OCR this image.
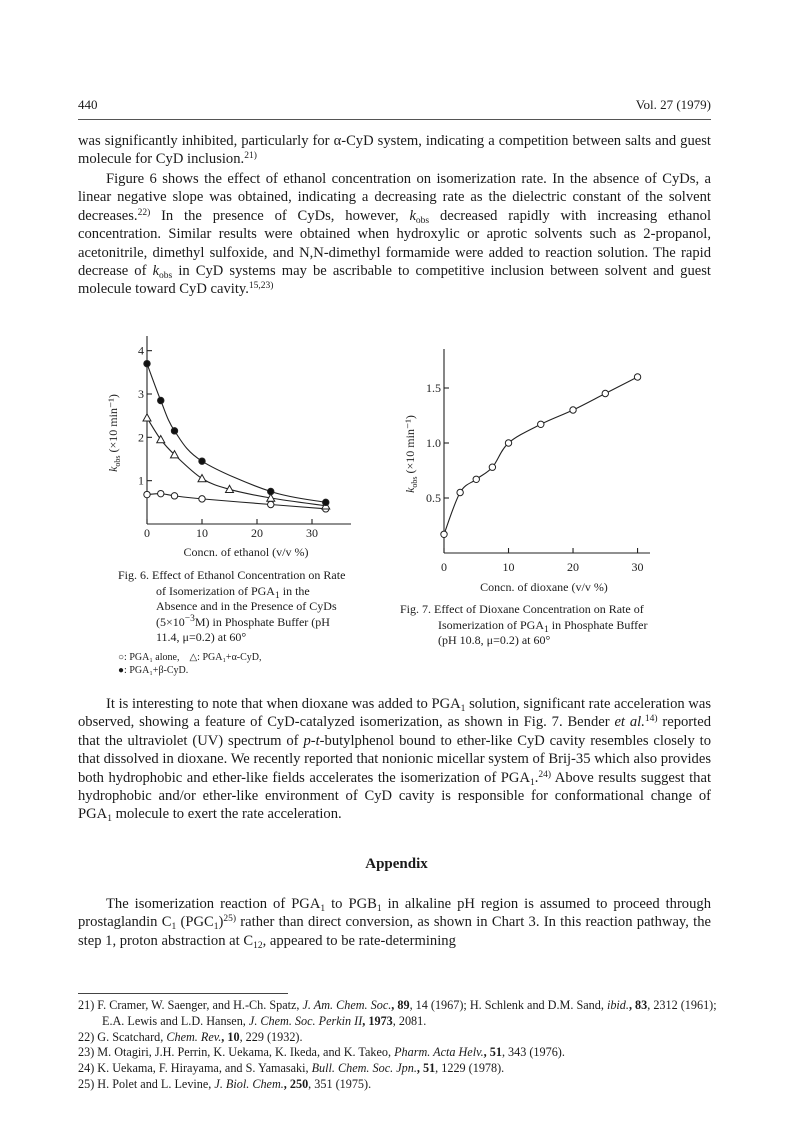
440	Vol. 27 (1979)

was significantly inhibited, particularly for α-CyD system, indicating a competition between salts and guest molecule for CyD inclusion.$^{21)}$

Figure 6 shows the effect of ethanol concentration on isomerization rate. In the absence of CyDs, a linear negative slope was obtained, indicating a decreasing rate as the dielectric constant of the solvent decreases.$^{22)}$ In the presence of CyDs, however, $k_{obs}$ decreased rapidly with increasing ethanol concentration. Similar results were obtained when hydroxylic or aprotic solvents such as 2-propanol, acetonitrile, dimethyl sulfoxide, and N,N-dimethyl formamide were added to reaction solution. The rapid decrease of $k_{obs}$ in CyD systems may be ascribable to competitive inclusion between solvent and guest molecule toward CyD cavity.$^{15,23)}$

0	10	20	30
1
2
3
4
Concn. of ethanol (v/v %)
$k_{obs}$ (×10 min⁻¹)
Fig. 6. Effect of Ethanol Concentration on Rate of Isomerization of $PGA_1$ in the Absence and in the Presence of CyDs $(5\times 10^{-3}M)$ in Phosphate Buffer (pH 11.4, μ=0.2) at 60°
○: PGA₁ alone, △: PGA₁+α-CyD,
●: PGA₁+β-CyD.
0	10	20	30
0.5
1.0
1.5
Concn. of dioxane (v/v %)
$k_{obs}$ (×10 min⁻¹)
Fig. 7. Effect of Dioxane Concentration on Rate of Isomerization of $PGA_1$ in Phosphate Buffer (pH 10.8, μ=0.2) at 60°

It is interesting to note that when dioxane was added to $PGA_1$ solution, significant rate acceleration was observed, showing a feature of CyD-catalyzed isomerization, as shown in Fig. 7. Bender et al.$^{14)}$ reported that the ultraviolet (UV) spectrum of p-t-butylphenol bound to ether-like CyD cavity resembles closely to that dissolved in dioxane. We recently reported that nonionic micellar system of Brij-35 which also provides both hydrophobic and ether-like fields accelerates the isomerization of $PGA_1.^{24)}$ Above results suggest that hydrophobic and/or ether-like environment of CyD cavity is responsible for conformational change of $PGA_1$ molecule to exert the rate acceleration.

Appendix

The isomerization reaction of $PGA_1$ to $PGB_1$ in alkaline pH region is assumed to proceed through prostaglandin $C_1$ $(PGC_1)^{25)}$ rather than direct conversion, as shown in Chart 3. In this reaction pathway, the step 1, proton abstraction at $C_{12}$, appeared to be rate-determining

21) F. Cramer, W. Saenger, and H.-Ch. Spatz, J. Am. Chem. Soc., 89, 14 (1967); H. Schlenk and D.M. Sand, ibid., 83, 2312 (1961); E.A. Lewis and L.D. Hansen, J. Chem. Soc. Perkin II, 1973, 2081.
22) G. Scatchard, Chem. Rev., 10, 229 (1932).
23) M. Otagiri, J.H. Perrin, K. Uekama, K. Ikeda, and K. Takeo, Pharm. Acta Helv., 51, 343 (1976).
24) K. Uekama, F. Hirayama, and S. Yamasaki, Bull. Chem. Soc. Jpn., 51, 1229 (1978).
25) H. Polet and L. Levine, J. Biol. Chem., 250, 351 (1975).
